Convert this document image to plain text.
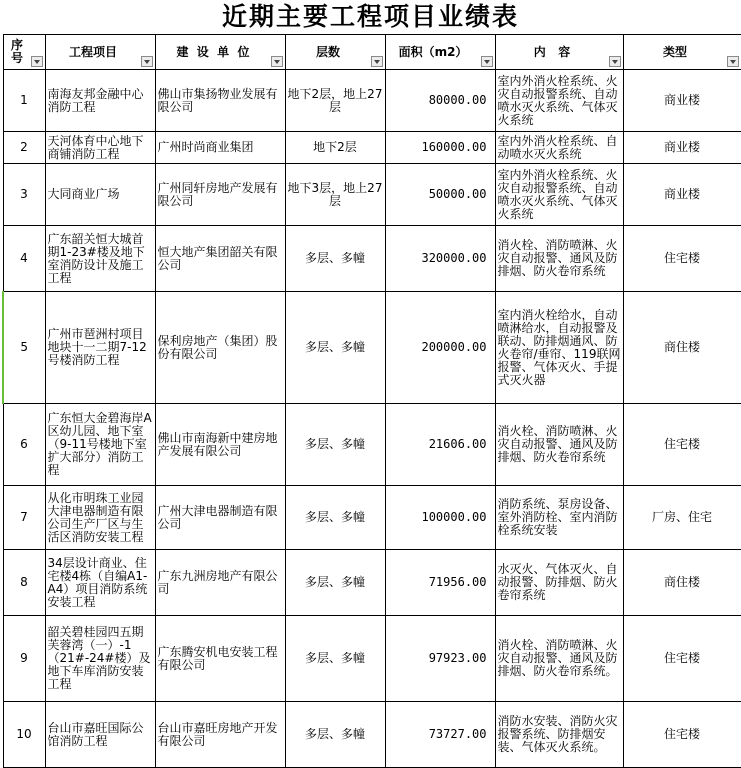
近期主要工程项目业绩表
序号	工程项目	建  设  单  位	层数	面积（m2）	内   容	类型

1	南海友邦金融中心消防工程	佛山市集扬物业发展有限公司	地下2层，地上27层	80000.00	室内外消火栓系统、火灾自动报警系统、自动喷水灭火系统、气体灭火系统	商业楼
2	天河体育中心地下商铺消防工程	广州时尚商业集团	地下2层	160000.00	室内外消火栓系统、自动喷水灭火系统	商业楼
3	大同商业广场	广州同轩房地产发展有限公司	地下3层，地上27层	50000.00	室内外消火栓系统、火灾自动报警系统、自动喷水灭火系统、气体灭火系统	商业楼
4	广东韶关恒大城首期1-23#楼及地下室消防设计及施工工程	恒大地产集团韶关有限公司	多层、多幢	320000.00	消火栓、消防喷淋、火灾自动报警、通风及防排烟、防火卷帘系统	住宅楼
5	广州市琶洲村项目地块十一二期7-12号楼消防工程	保利房地产（集团）股份有限公司	多层、多幢	200000.00	室内消火栓给水，自动喷淋给水，自动报警及联动、防排烟通风、防火卷帘/垂帘、119联网报警、气体灭火、手提式灭火器	商住楼
6	广东恒大金碧海岸A区幼儿园、地下室（9-11号楼地下室扩大部分）消防工程	佛山市南海新中建房地产发展有限公司	多层、多幢	21606.00	消火栓、消防喷淋、火灾自动报警、通风及防排烟、防火卷帘系统	住宅楼
7	从化市明珠工业园大津电器制造有限公司生产厂区与生活区消防安装工程	广州大津电器制造有限公司	多层、多幢	100000.00	消防系统、泵房设备、室外消防栓、室内消防栓系统安装	厂房、住宅
8	34层设计商业、住宅楼4栋（自编A1-A4）项目消防系统安装工程	广东九洲房地产有限公司	多层、多幢	71956.00	水灭火、气体灭火、自动报警、防排烟、防火卷帘系统	商住楼
9	韶关碧桂园四五期芙蓉湾（一）-1（21#-24#楼）及地下车库消防安装工程	广东腾安机电安装工程有限公司	多层、多幢	97923.00	消火栓、消防喷淋、火灾自动报警、通风及防排烟、防火卷帘系统。	住宅楼
10	台山市嘉旺国际公馆消防工程	台山市嘉旺房地产开发有限公司	多层、多幢	73727.00	消防水安装、消防火灾报警系统、防排烟安装、气体灭火系统。	住宅楼
